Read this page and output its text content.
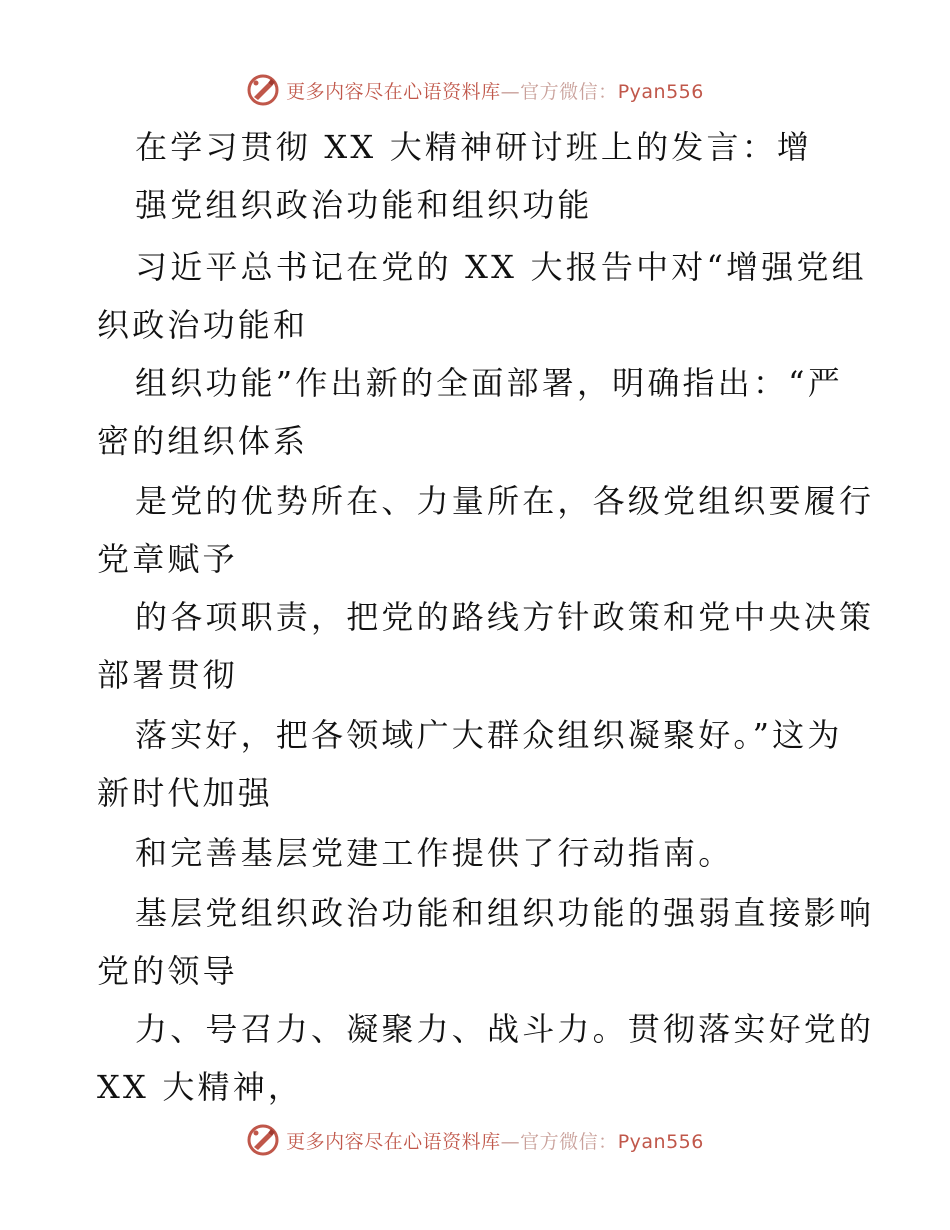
更多内容尽在心语资料库—官方微信：Pyan556
在学习贯彻 XX 大精神研讨班上的发言：增
强党组织政治功能和组织功能
习近平总书记在党的 XX 大报告中对“增强党组
织政治功能和
组织功能”作出新的全面部署，明确指出：“严
密的组织体系
是党的优势所在、力量所在，各级党组织要履行
党章赋予
的各项职责，把党的路线方针政策和党中央决策
部署贯彻
落实好，把各领域广大群众组织凝聚好。”这为
新时代加强
和完善基层党建工作提供了行动指南。
基层党组织政治功能和组织功能的强弱直接影响
党的领导
力、号召力、凝聚力、战斗力。贯彻落实好党的
XX 大精神，
更多内容尽在心语资料库—官方微信：Pyan556
